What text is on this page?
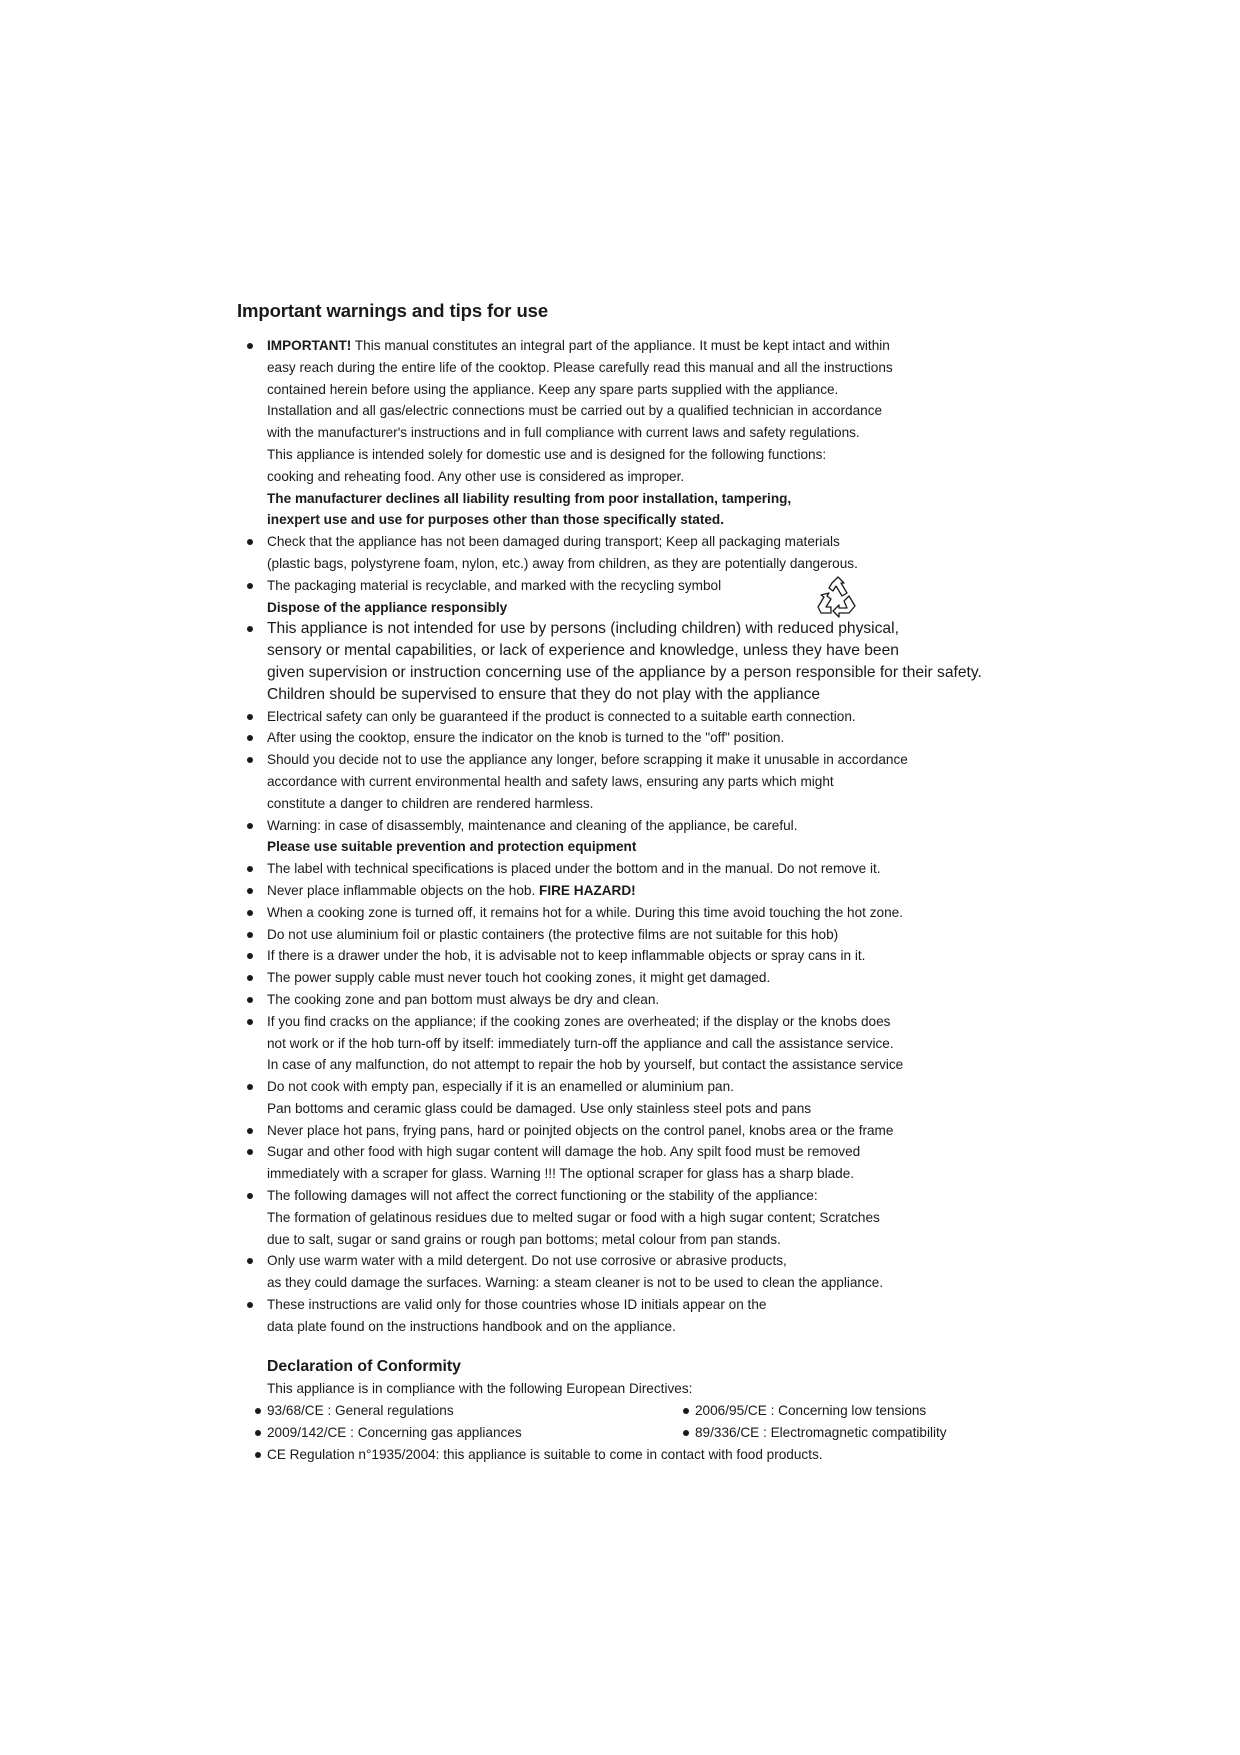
Important warnings and tips for use
IMPORTANT! This manual constitutes an integral part of the appliance. It must be kept intact and within
easy reach during the entire life of the cooktop. Please carefully read this manual and all the instructions
contained herein before using the appliance. Keep any spare parts supplied with the appliance.
Installation and all gas/electric connections must be carried out by a qualified technician in accordance
with the manufacturer's instructions and in full compliance with current laws and safety regulations.
This appliance is intended solely for domestic use and is designed for the following functions:
cooking and reheating food. Any other use is considered as improper.
The manufacturer declines all liability resulting from poor installation, tampering,
inexpert use and use for purposes other than those specifically stated.
Check that the appliance has not been damaged during transport; Keep all packaging materials
(plastic bags, polystyrene foam, nylon, etc.) away from children, as they are potentially dangerous.
The packaging material is recyclable, and marked with the recycling symbol
Dispose of the appliance responsibly
This appliance is not intended for use by persons (including children) with reduced physical,
sensory or mental capabilities, or lack of experience and knowledge, unless they have been
given supervision or instruction concerning use of the appliance by a person responsible for their safety.
Children should be supervised to ensure that they do not play with the appliance
Electrical safety can only be guaranteed if the product is connected to a suitable earth connection.
After using the cooktop, ensure the indicator on the knob is turned to the "off" position.
Should you decide not to use the appliance any longer, before scrapping it make it unusable in accordance
accordance with current environmental health and safety laws, ensuring any parts which might
constitute a danger to children are rendered harmless.
Warning: in case of disassembly, maintenance and cleaning of the appliance, be careful.
Please use suitable prevention and protection equipment
The label with technical specifications is placed under the bottom and in the manual. Do not remove it.
Never place inflammable objects on the hob. FIRE HAZARD!
When a cooking zone is turned off, it remains hot for a while. During this time avoid touching the hot zone.
Do not use aluminium foil or plastic containers (the protective films are not suitable for this hob)
If there is a drawer under the hob, it is advisable not to keep inflammable objects or spray cans in it.
The power supply cable must never touch hot cooking zones, it might get damaged.
The cooking zone and pan bottom must always be dry and clean.
If you find cracks on the appliance; if the cooking zones are overheated; if the display or the knobs does
not work or if the hob turn-off by itself: immediately turn-off the appliance and call the assistance service.
In case of any malfunction, do not attempt to repair the hob by yourself, but contact the assistance service
Do not cook with empty pan, especially if it is an enamelled or aluminium pan.
Pan bottoms and ceramic glass could be damaged. Use only stainless steel pots and pans
Never place hot pans, frying pans, hard or poinjted objects on the control panel, knobs area or the frame
Sugar and other food with high sugar content will damage the hob. Any spilt food must be removed
immediately with a scraper for glass. Warning !!! The optional scraper for glass has a sharp blade.
The following damages will not affect the correct functioning or the stability of the appliance:
The formation of gelatinous residues due to melted sugar or food with a high sugar content; Scratches
due to salt, sugar or sand grains or rough pan bottoms; metal colour from pan stands.
Only use warm water with a mild detergent. Do not use corrosive or abrasive products,
as they could damage the surfaces. Warning: a steam cleaner is not to be used to clean the appliance.
These instructions are valid only for those countries whose ID initials appear on the
data plate found on the instructions handbook and on the appliance.
Declaration of Conformity
This appliance is in compliance with the following European Directives:
93/68/CE : General regulations	2006/95/CE : Concerning low tensions
2009/142/CE : Concerning gas appliances	89/336/CE : Electromagnetic compatibility
CE Regulation n°1935/2004: this appliance is suitable to come in contact with food products.
